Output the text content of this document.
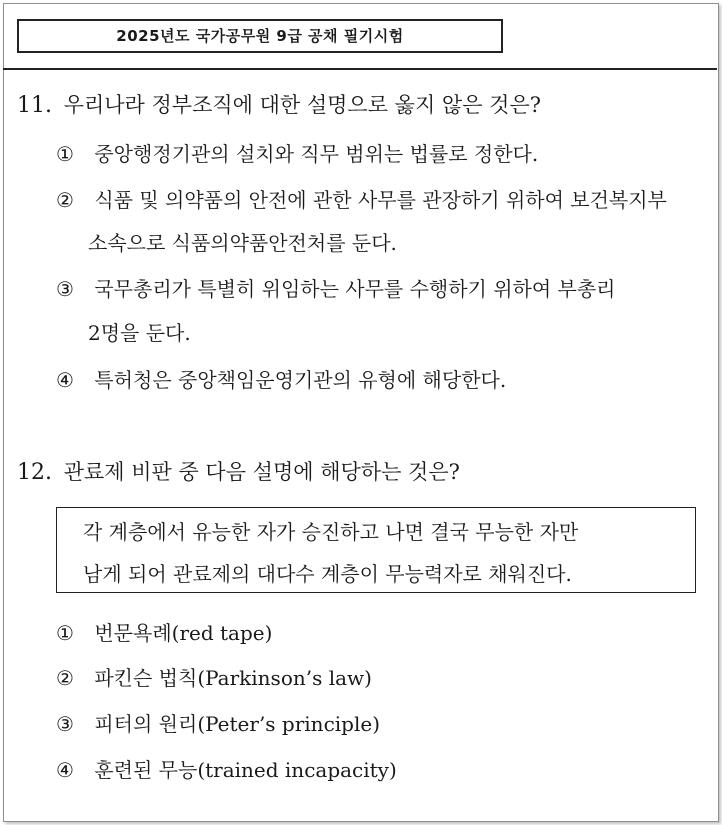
2025년도 국가공무원 9급 공채 필기시험
11. 우리나라 정부조직에 대한 설명으로 옳지 않은 것은?
① 중앙행정기관의 설치와 직무 범위는 법률로 정한다.
② 식품 및 의약품의 안전에 관한 사무를 관장하기 위하여 보건복지부
소속으로 식품의약품안전처를 둔다.
③ 국무총리가 특별히 위임하는 사무를 수행하기 위하여 부총리
2명을 둔다.
④ 특허청은 중앙책임운영기관의 유형에 해당한다.
12. 관료제 비판 중 다음 설명에 해당하는 것은?
각 계층에서 유능한 자가 승진하고 나면 결국 무능한 자만
남게 되어 관료제의 대다수 계층이 무능력자로 채워진다.
① 번문욕례(red tape)
② 파킨슨 법칙(Parkinson’s law)
③ 피터의 원리(Peter’s principle)
④ 훈련된 무능(trained incapacity)
